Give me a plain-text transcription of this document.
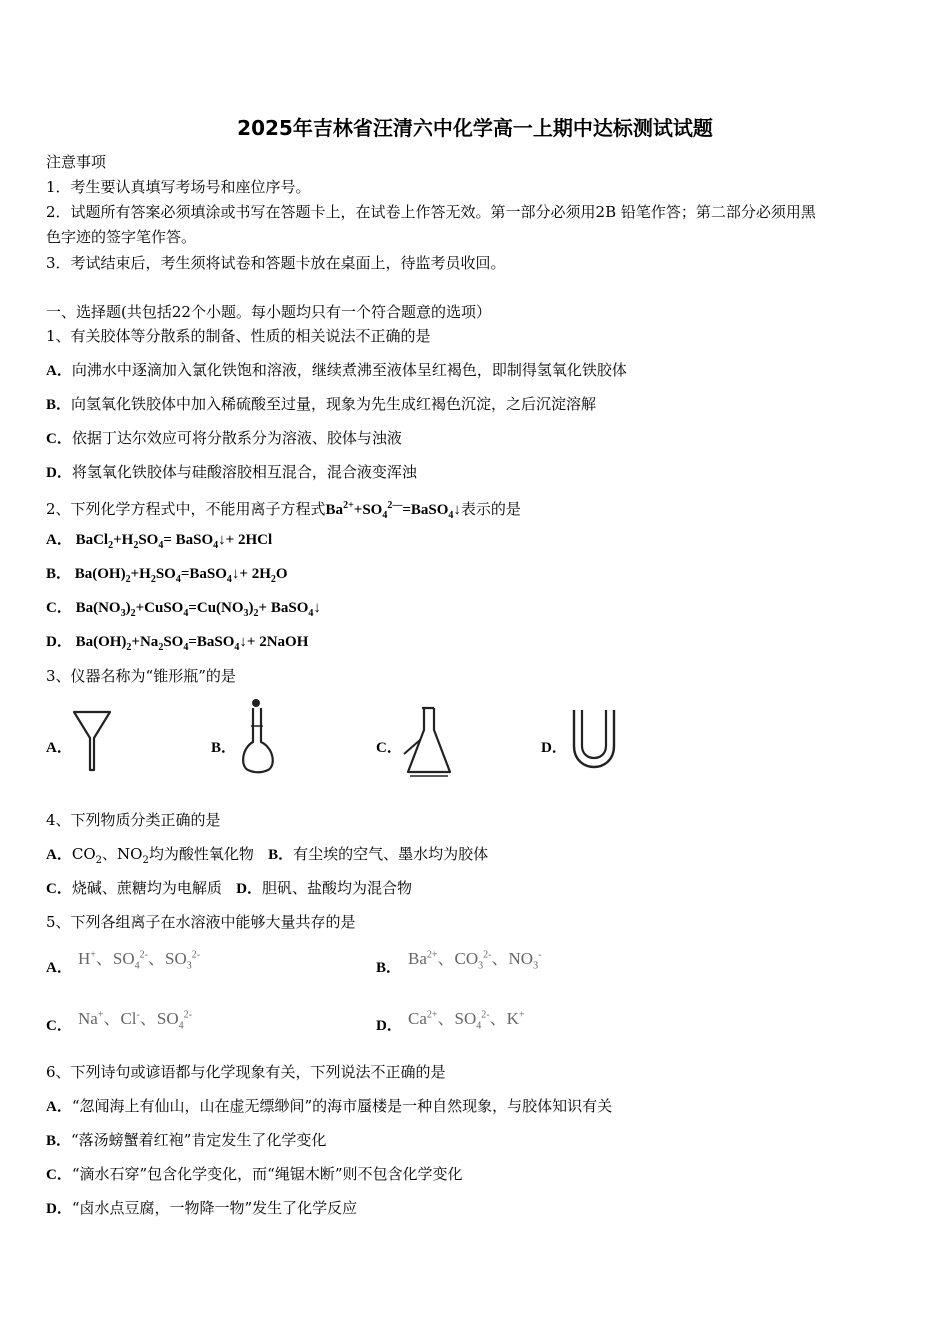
2025年吉林省汪清六中化学高一上期中达标测试试题
注意事项
1．考生要认真填写考场号和座位序号。
2．试题所有答案必须填涂或书写在答题卡上，在试卷上作答无效。第一部分必须用2B 铅笔作答；第二部分必须用黑
色字迹的签字笔作答。
3．考试结束后，考生须将试卷和答题卡放在桌面上，待监考员收回。
一、选择题(共包括22个小题。每小题均只有一个符合题意的选项）
1、有关胶体等分散系的制备、性质的相关说法不正确的是
A．向沸水中逐滴加入氯化铁饱和溶液，继续煮沸至液体呈红褐色，即制得氢氧化铁胶体
B．向氢氧化铁胶体中加入稀硫酸至过量，现象为先生成红褐色沉淀，之后沉淀溶解
C．依据丁达尔效应可将分散系分为溶液、胶体与浊液
D．将氢氧化铁胶体与硅酸溶胶相互混合，混合液变浑浊
2、下列化学方程式中，不能用离子方程式$Ba^{2+}+SO_4^{2—}=BaSO_4↓$表示的是
A． $BaCl_2+H_2SO_4=$ BaSO$_4$↓+ 2HCl
B． $Ba(OH)_2+H_2SO_4=BaSO_4↓+ 2H_2O$
C． $Ba(NO_3)_2+CuSO_4=Cu(NO_3)_2+$ BaSO$_4$↓
D． $Ba(OH)_2+Na_2SO_4=BaSO_4↓+$ 2NaOH
3、仪器名称为“锥形瓶”的是
A．	B．	C．	D．
4、下列物质分类正确的是
A．$CO_2$、$NO_2$均为酸性氧化物 B．有尘埃的空气、墨水均为胶体
C．烧碱、蔗糖均为电解质 D．胆矾、盐酸均为混合物
5、下列各组离子在水溶液中能够大量共存的是
A． H+、$SO_4^{2-}$、$SO_3^{2-}$
B． $Ba^{2+}$、$CO_3^{2-}$、$NO_3^-$
C． Na+、Cl-、$SO_4^{2-}$
D． $Ca^{2+}$、$SO_4^{2-}$、K+
6、下列诗句或谚语都与化学现象有关，下列说法不正确的是
A．“忽闻海上有仙山，山在虚无缥缈间”的海市蜃楼是一种自然现象，与胶体知识有关
B．“落汤螃蟹着红袍”肯定发生了化学变化
C．“滴水石穿”包含化学变化，而“绳锯木断”则不包含化学变化
D．“卤水点豆腐，一物降一物”发生了化学反应
